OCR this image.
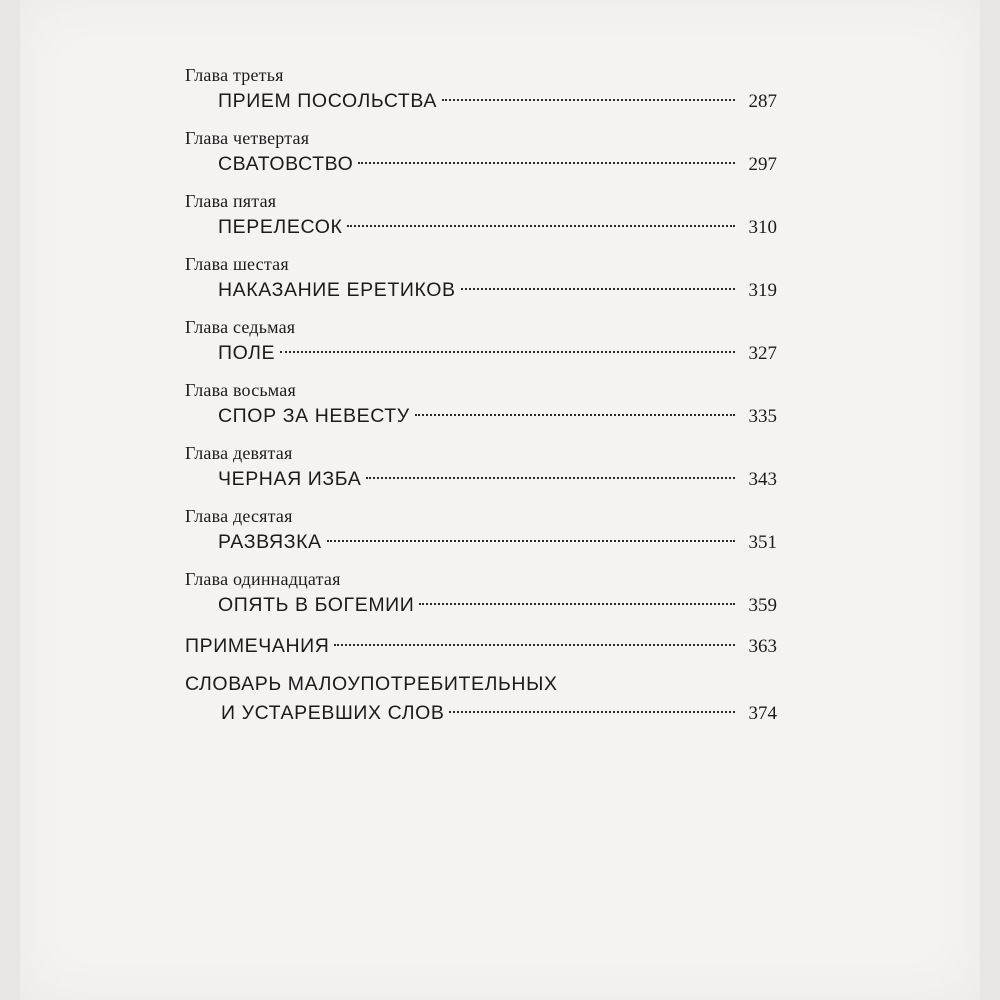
Глава третья
ПРИЕМ ПОСОЛЬСТВА	287
Глава четвертая
СВАТОВСТВО	297
Глава пятая
ПЕРЕЛЕСОК	310
Глава шестая
НАКАЗАНИЕ ЕРЕТИКОВ	319
Глава седьмая
ПОЛЕ	327
Глава восьмая
СПОР ЗА НЕВЕСТУ	335
Глава девятая
ЧЕРНАЯ ИЗБА	343
Глава десятая
РАЗВЯЗКА	351
Глава одиннадцатая
ОПЯТЬ В БОГЕМИИ	359
ПРИМЕЧАНИЯ	363
СЛОВАРЬ МАЛОУПОТРЕБИТЕЛЬНЫХ
И УСТАРЕВШИХ СЛОВ	374
